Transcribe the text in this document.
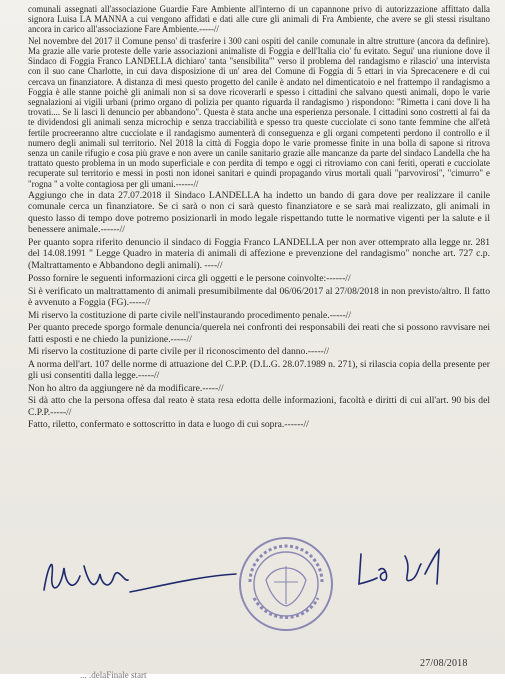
comunali assegnati all'associazione Guardie Fare Ambiente all'interno di un capannone privo di autorizzazione affittato dalla signora Luisa LA MANNA a cui vengono affidati e dati alle cure gli animali di Fra Ambiente, che avere se gli stessi risultano ancora in carico all'associazione Fare Ambiente.-----//

Nel novembre del 2017 il Comune penso' di trasferire i 300 cani ospiti del canile comunale in altre strutture (ancora da definire). Ma grazie alle varie proteste delle varie associazioni animaliste di Foggia e dell'Italia cio' fu evitato. Segui' una riunione dove il Sindaco di Foggia Franco LANDELLA dichiaro' tanta "sensibilita'" verso il problema del randagismo e rilascio' una intervista con il suo cane Charlotte, in cui dava disposizione di un' area del Comune di Foggia di 5 ettari in via Sprecacenere e di cui cercava un finanziatore. A distanza di mesi questo progetto del canile è andato nel dimenticatoio e nel frattempo il randagismo a Foggia è alle stanne poichè gli animali non si sa dove ricoverarli e spesso i cittadini che salvano questi animali, dopo le varie segnalazioni ai vigili urbani (primo organo di polizia per quanto riguarda il randagismo ) rispondono: "Rimetta i cani dove li ha trovati.... Se li lasci li denuncio per abbandono". Questa è stata anche una esperienza personale. I cittadini sono costretti al fai da te dividendosi gli animali senza microchip e senza tracciabilità e spesso tra queste cucciolate ci sono tante femmine che all'età fertile procreeranno altre cucciolate e il randagismo aumenterà di conseguenza e gli organi competenti perdono il controllo e il numero degli animali sul territorio. Nel 2018 la città di Foggia dopo le varie promesse finite in una bolla di sapone si ritrova senza un canile rifugio e cosa più grave e non avere un canile sanitario grazie alle mancanze da parte del sindaco Landella che ha trattato questo problema in un modo superficiale e con perdita di tempo e oggi ci ritroviamo con cani feriti, operati e cucciolate recuperate sul territorio e messi in posti non idonei sanitari e quindi propagando virus mortali quali "parvovirosi", "cimurro" e "rogna " a volte contagiosa per gli umani.------//

Aggiungo che in data 27.07.2018 il Sindaco LANDELLA ha indetto un bando di gara dove per realizzare il canile comunale cerca un finanziatore. Se ci sarà o non ci sarà questo finanziatore e se sarà mai realizzato, gli animali in questo lasso di tempo dove potremo posizionarli in modo legale rispettando tutte le normative vigenti per la salute e il benessere animale.------//

Per quanto sopra riferito denuncio il sindaco di Foggia Franco LANDELLA per non aver ottemprato alla legge nr. 281 del 14.08.1991 " Legge Quadro in materia di animali di affezione e prevenzione del randagismo" nonche art. 727 c.p. (Maltrattamento e Abbandono degli animali). ----//

Posso fornire le seguenti informazioni circa gli oggetti e le persone coinvolte:------//

Si è verificato un maltrattamento di animali presumibilmente dal 06/06/2017 al 27/08/2018 in non previsto/altro. Il fatto è avvenuto a Foggia (FG).-----//

Mi riservo la costituzione di parte civile nell'instaurando procedimento penale.-----//

Per quanto precede sporgo formale denuncia/querela nei confronti dei responsabili dei reati che si possono ravvisare nei fatti esposti e ne chiedo la punizione.-----//

Mi riservo la costituzione di parte civile per il riconoscimento del danno.-----//

A norma dell'art. 107 delle norme di attuazione del C.P.P. (D.L.G. 28.07.1989 n. 271), si rilascia copia della presente per gli usi consentiti dalla legge.-----//

Non ho altro da aggiungere nè da modificare.-----//

Si dà atto che la persona offesa dal reato è stata resa edotta delle informazioni, facoltà e diritti di cui all'art. 90 bis del C.P.P.-----//

Fatto, riletto, confermato e sottoscritto in data e luogo di cui sopra.------//

27/08/2018
... .delaFinale start
